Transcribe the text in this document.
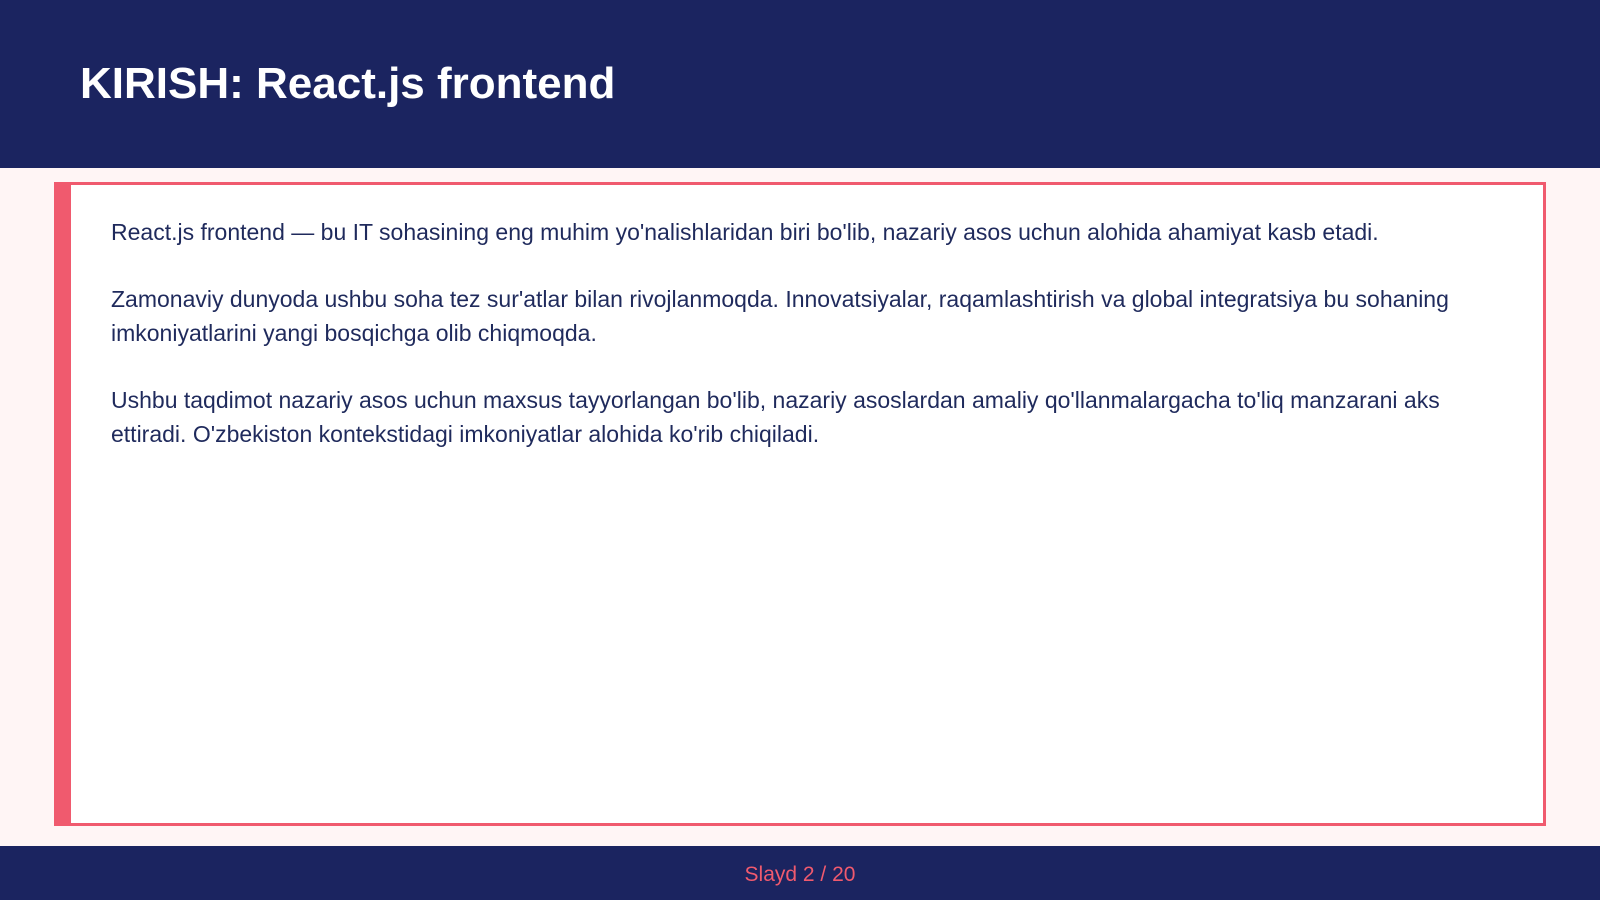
KIRISH: React.js frontend

React.js frontend — bu IT sohasining eng muhim yo'nalishlaridan biri bo'lib, nazariy asos uchun alohida ahamiyat kasb etadi.

Zamonaviy dunyoda ushbu soha tez sur'atlar bilan rivojlanmoqda. Innovatsiyalar, raqamlashtirish va global integratsiya bu sohaning imkoniyatlarini yangi bosqichga olib chiqmoqda.

Ushbu taqdimot nazariy asos uchun maxsus tayyorlangan bo'lib, nazariy asoslardan amaliy qo'llanmalargacha to'liq manzarani aks ettiradi. O'zbekiston kontekstidagi imkoniyatlar alohida ko'rib chiqiladi.

Slayd 2 / 20
